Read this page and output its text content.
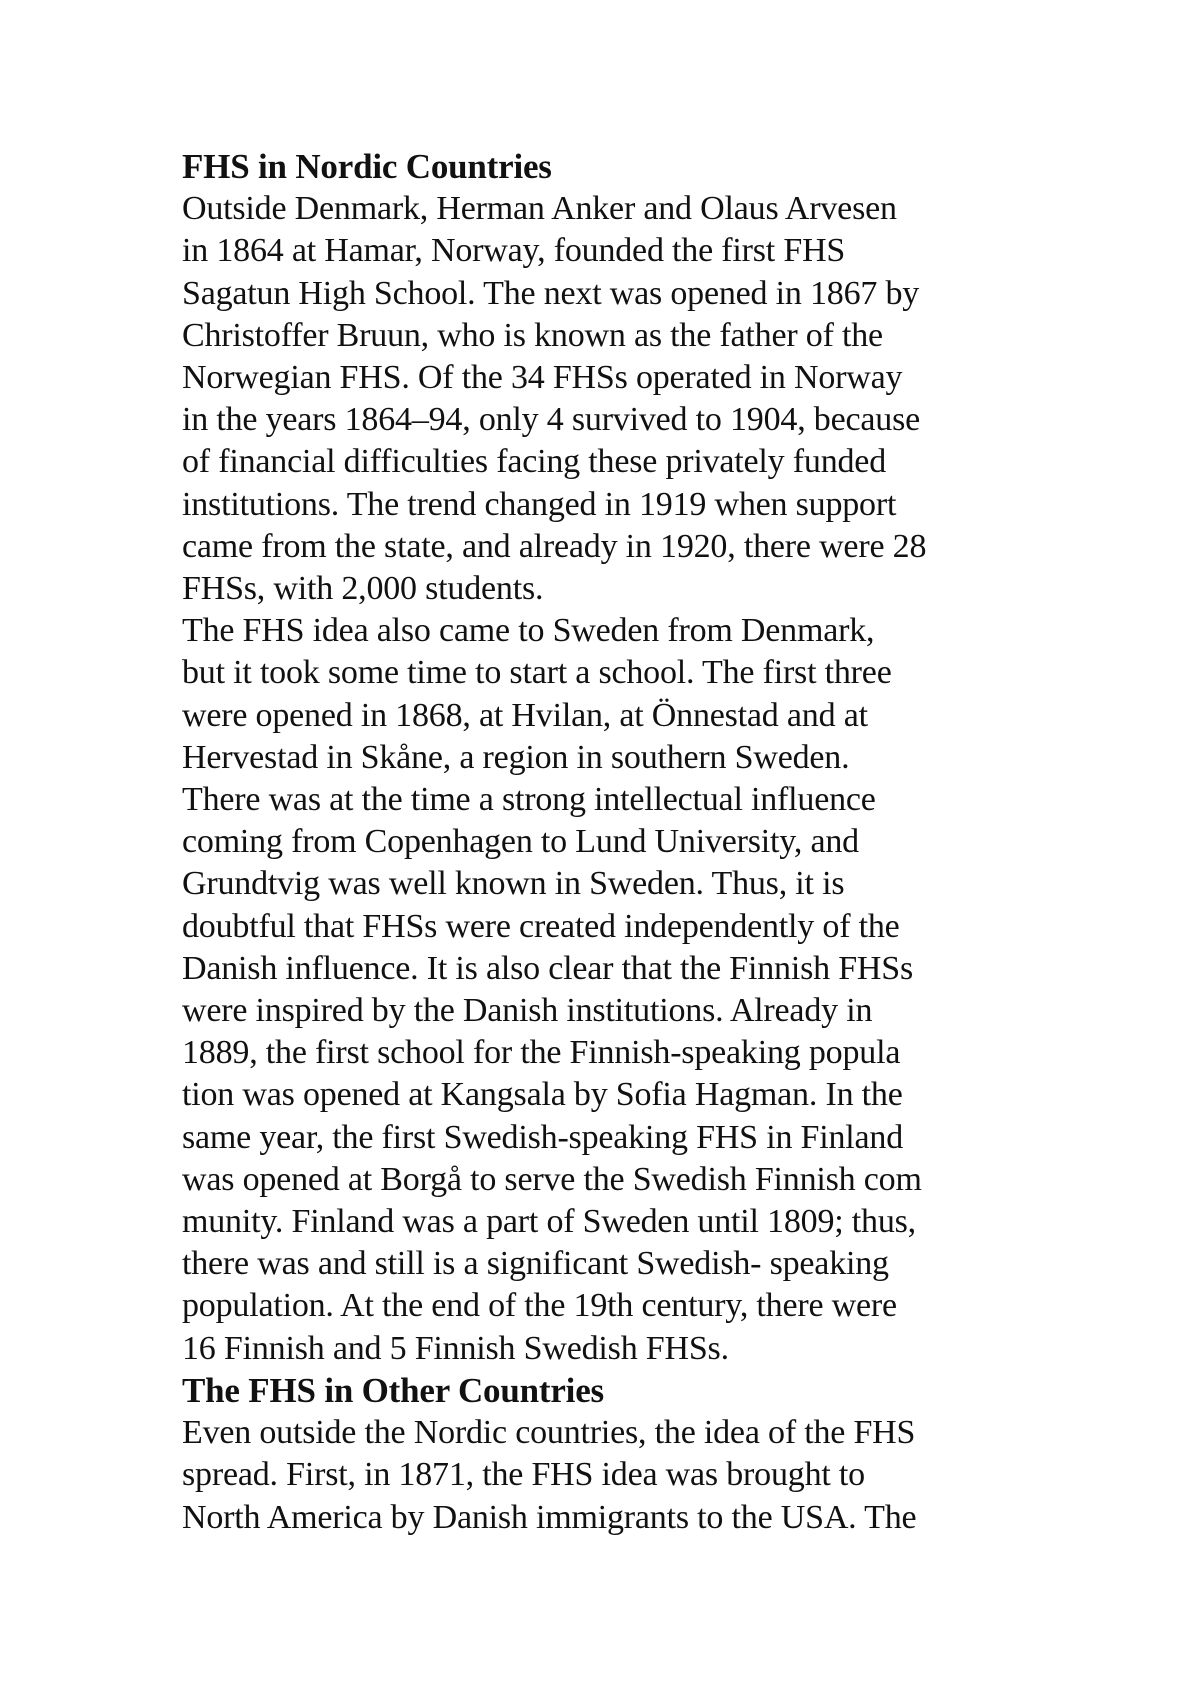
FHS in Nordic Countries
Outside Denmark, Herman Anker and Olaus Arvesen
in 1864 at Hamar, Norway, founded the first FHS
Sagatun High School. The next was opened in 1867 by
Christoffer Bruun, who is known as the father of the
Norwegian FHS. Of the 34 FHSs operated in Norway
in the years 1864–94, only 4 survived to 1904, because
of financial difficulties facing these privately funded
institutions. The trend changed in 1919 when support
came from the state, and already in 1920, there were 28
FHSs, with 2,000 students.
The FHS idea also came to Sweden from Denmark,
but it took some time to start a school. The first three
were opened in 1868, at Hvilan, at Önnestad and at
Hervestad in Skåne, a region in southern Sweden.
There was at the time a strong intellectual influence
coming from Copenhagen to Lund University, and
Grundtvig was well known in Sweden. Thus, it is
doubtful that FHSs were created independently of the
Danish influence. It is also clear that the Finnish FHSs
were inspired by the Danish institutions. Already in
1889, the first school for the Finnish-speaking popula
tion was opened at Kangsala by Sofia Hagman. In the
same year, the first Swedish-speaking FHS in Finland
was opened at Borgå to serve the Swedish Finnish com
munity. Finland was a part of Sweden until 1809; thus,
there was and still is a significant Swedish- speaking
population. At the end of the 19th century, there were
16 Finnish and 5 Finnish Swedish FHSs.
The FHS in Other Countries
Even outside the Nordic countries, the idea of the FHS
spread. First, in 1871, the FHS idea was brought to
North America by Danish immigrants to the USA. The
